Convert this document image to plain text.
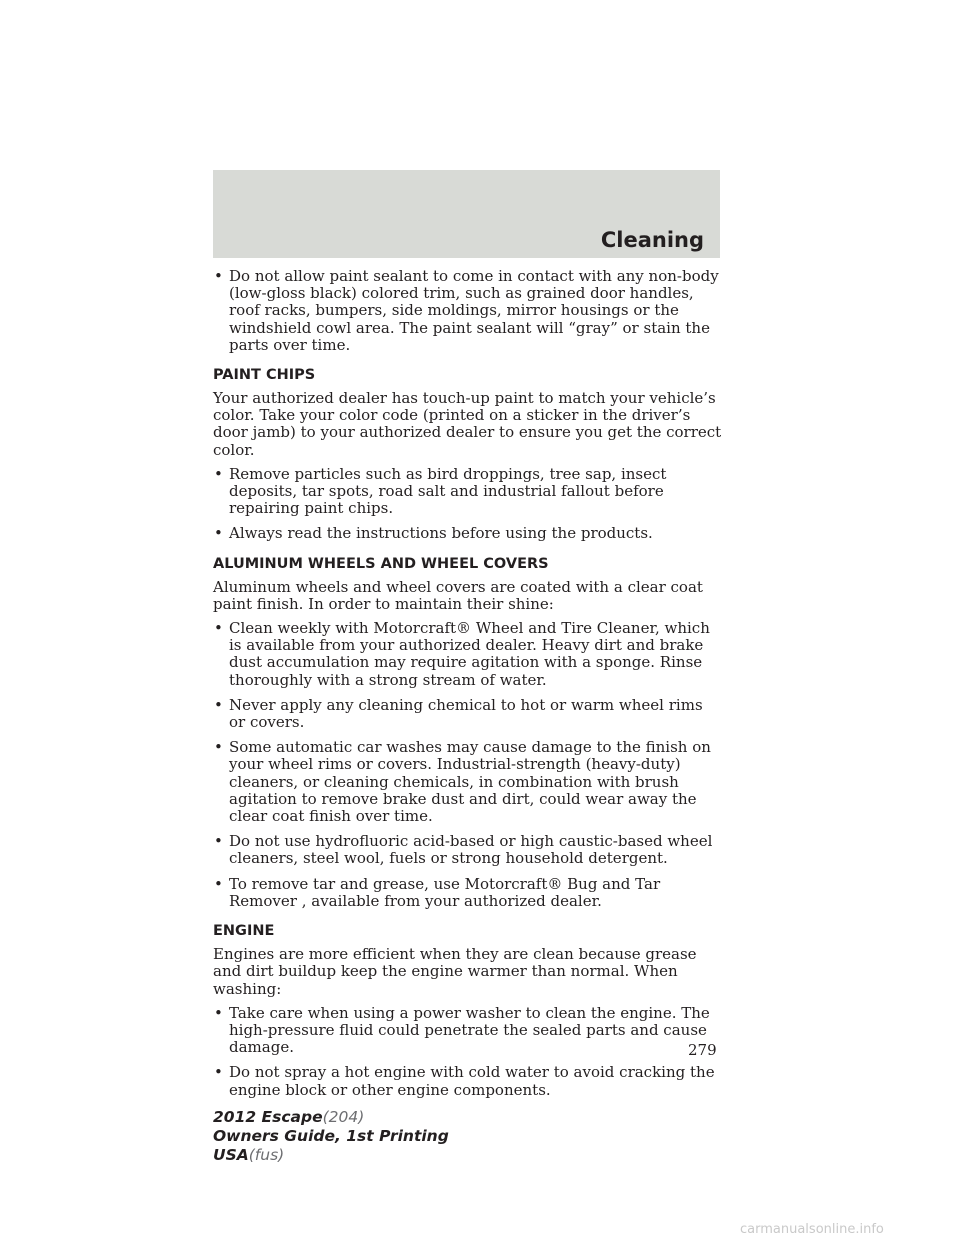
Cleaning
• Do not allow paint sealant to come in contact with any non-body (low-gloss black) colored trim, such as grained door handles, roof racks, bumpers, side moldings, mirror housings or the windshield cowl area. The paint sealant will “gray” or stain the parts over time.
PAINT CHIPS

Your authorized dealer has touch-up paint to match your vehicle’s color. Take your color code (printed on a sticker in the driver’s door jamb) to your authorized dealer to ensure you get the correct color.

• Remove particles such as bird droppings, tree sap, insect deposits, tar spots, road salt and industrial fallout before repairing paint chips.
• Always read the instructions before using the products.
ALUMINUM WHEELS AND WHEEL COVERS

Aluminum wheels and wheel covers are coated with a clear coat paint finish. In order to maintain their shine:

• Clean weekly with Motorcraft® Wheel and Tire Cleaner, which is available from your authorized dealer. Heavy dirt and brake dust accumulation may require agitation with a sponge. Rinse thoroughly with a strong stream of water.
• Never apply any cleaning chemical to hot or warm wheel rims or covers.
• Some automatic car washes may cause damage to the finish on your wheel rims or covers. Industrial-strength (heavy-duty) cleaners, or cleaning chemicals, in combination with brush agitation to remove brake dust and dirt, could wear away the clear coat finish over time.
• Do not use hydrofluoric acid-based or high caustic-based wheel cleaners, steel wool, fuels or strong household detergent.
• To remove tar and grease, use Motorcraft® Bug and Tar Remover , available from your authorized dealer.
ENGINE

Engines are more efficient when they are clean because grease and dirt buildup keep the engine warmer than normal. When washing:

• Take care when using a power washer to clean the engine. The high-pressure fluid could penetrate the sealed parts and cause damage.
• Do not spray a hot engine with cold water to avoid cracking the engine block or other engine components.
279
2012 Escape(204)
Owners Guide, 1st Printing
USA(fus)
carmanualsonline.info
